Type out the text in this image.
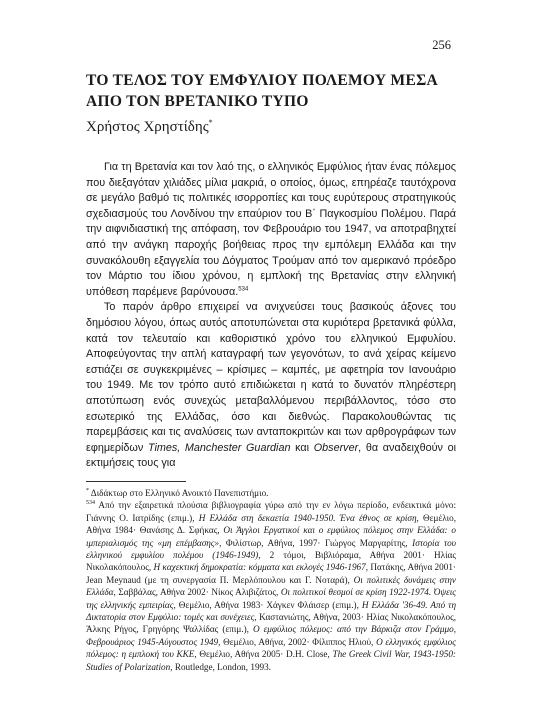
256
ΤΟ ΤΕΛΟΣ ΤΟΥ ΕΜΦΥΛΙΟΥ ΠΟΛΕΜΟΥ ΜΕΣΑ ΑΠΟ ΤΟΝ ΒΡΕΤΑΝΙΚΟ ΤΥΠΟ
Χρήστος Χρηστίδης*

Για τη Βρετανία και τον λαό της, ο ελληνικός Εμφύλιος ήταν ένας πόλεμος που διεξαγόταν χιλιάδες μίλια μακριά, ο οποίος, όμως, επηρέαζε ταυτόχρονα σε μεγάλο βαθμό τις πολιτικές ισορροπίες και τους ευρύτερους στρατηγικούς σχεδιασμούς του Λονδίνου την επαύριον του Β΄ Παγκοσμίου Πολέμου. Παρά την αιφνιδιαστική της απόφαση, τον Φεβρουάριο του 1947, να αποτραβηχτεί από την ανάγκη παροχής βοήθειας προς την εμπόλεμη Ελλάδα και την συνακόλουθη εξαγγελία του Δόγματος Τρούμαν από τον αμερικανό πρόεδρο τον Μάρτιο του ίδιου χρόνου, η εμπλοκή της Βρετανίας στην ελληνική υπόθεση παρέμενε βαρύνουσα.$^{534}$

Το παρόν άρθρο επιχειρεί να ανιχνεύσει τους βασικούς άξονες του δημόσιου λόγου, όπως αυτός αποτυπώνεται στα κυριότερα βρετανικά φύλλα, κατά τον τελευταίο και καθοριστικό χρόνο του ελληνικού Εμφυλίου. Αποφεύγοντας την απλή καταγραφή των γεγονότων, το ανά χείρας κείμενο εστιάζει σε συγκεκριμένες – κρίσιμες – καμπές, με αφετηρία τον Ιανουάριο του 1949. Με τον τρόπο αυτό επιδιώκεται η κατά το δυνατόν πληρέστερη αποτύπωση ενός συνεχώς μεταβαλλόμενου περιβάλλοντος, τόσο στο εσωτερικό της Ελλάδας, όσο και διεθνώς. Παρακολουθώντας τις παρεμβάσεις και τις αναλύσεις των ανταποκριτών και των αρθρογράφων των εφημερίδων Times, Manchester Guardian και Observer, θα αναδειχθούν οι εκτιμήσεις τους για

* Διδάκτωρ στο Ελληνικό Ανοικτό Πανεπιστήμιο.

$^{534}$ Από την εξαιρετικά πλούσια βιβλιογραφία γύρω από την εν λόγω περίοδο, ενδεικτικά μόνο: Γιάννης Ο. Ιατρίδης (επιμ.), Η Ελλάδα στη δεκαετία 1940-1950. Ένα έθνος σε κρίση, Θεμέλιο, Αθήνα 1984· Θανάσης Δ. Σφήκας, Οι Άγγλοι Εργατικοί και ο εμφύλιος πόλεμος στην Ελλάδα: ο ιμπεριαλισμός της «μη επέμβασης», Φιλίστωρ, Αθήνα, 1997· Γιώργος Μαργαρίτης, Ιστορία του ελληνικού εμφυλίου πολέμου (1946-1949), 2 τόμοι, Βιβλιόραμα, Αθήνα 2001· Ηλίας Νικολακόπουλος, Η καχεκτική δημοκρατία: κόμματα και εκλογές 1946-1967, Πατάκης, Αθήνα 2001· Jean Meynaud (με τη συνεργασία Π. Μερλόπουλου και Γ. Νοταρά), Οι πολιτικές δυνάμεις στην Ελλάδα, Σαββάλας, Αθήνα 2002· Νίκος Αλιβιζάτος, Οι πολιτικοί θεσμοί σε κρίση 1922-1974. Όψεις της ελληνικής εμπειρίας, Θεμέλιο, Αθήνα 1983· Χάγκεν Φλάισερ (επιμ.), Η Ελλάδα '36-49. Από τη Δικτατορία στον Εμφύλιο: τομές και συνέχειες, Καστανιώτης, Αθήνα, 2003· Ηλίας Νικολακόπουλος, Άλκης Ρήγος, Γρηγόρης Ψαλλίδας (επιμ.), Ο εμφύλιος πόλεμος: από την Βάρκιζα στον Γράμμο, Φεβρουάριος 1945-Αύγουστος 1949, Θεμέλιο, Αθήνα, 2002· Φίλιππος Ηλιού, Ο ελληνικός εμφύλιος πόλεμος: η εμπλοκή του ΚΚΕ, Θεμέλιο, Αθήνα 2005· D.H. Close, The Greek Civil War, 1943-1950: Studies of Polarization, Routledge, London, 1993.
